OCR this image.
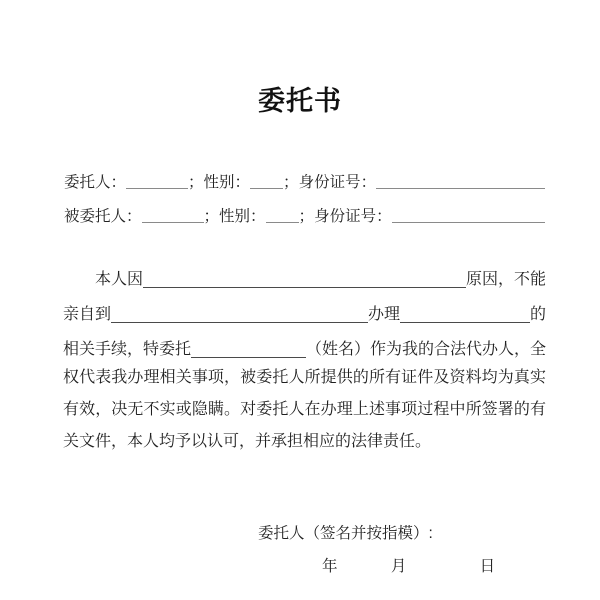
委托书
委托人：	； 性别： ； 身份证号：
被委托人：	； 性别： ； 身份证号：
本人因	原因，不能
亲自到	办理	的
相关手续，特委托	（姓名）作为我的合法代办人，全
权代表我办理相关事项，被委托人所提供的所有证件及资料均为真实
有效，决无不实或隐瞒。对委托人在办理上述事项过程中所签署的有
关文件，本人均予以认可，并承担相应的法律责任。
委托人（签名并按指模）:
年	月	日
